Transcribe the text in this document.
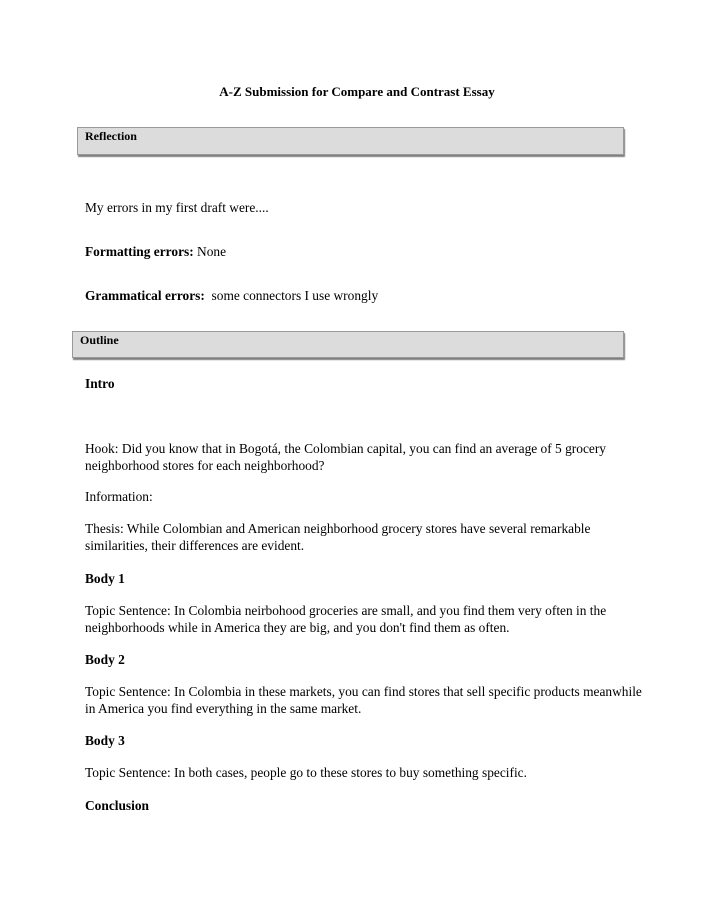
A-Z Submission for Compare and Contrast Essay
Reflection
My errors in my first draft were....
Formatting errors: None
Grammatical errors:  some connectors I use wrongly
Outline
Intro
Hook: Did you know that in Bogotá, the Colombian capital, you can find an average of 5 grocery neighborhood stores for each neighborhood?
Information:
Thesis: While Colombian and American neighborhood grocery stores have several remarkable similarities, their differences are evident.
Body 1
Topic Sentence: In Colombia neirbohood groceries are small, and you find them very often in the neighborhoods while in America they are big, and you don't find them as often.
Body 2
Topic Sentence: In Colombia in these markets, you can find stores that sell specific products meanwhile in America you find everything in the same market.
Body 3
Topic Sentence: In both cases, people go to these stores to buy something specific.
Conclusion
